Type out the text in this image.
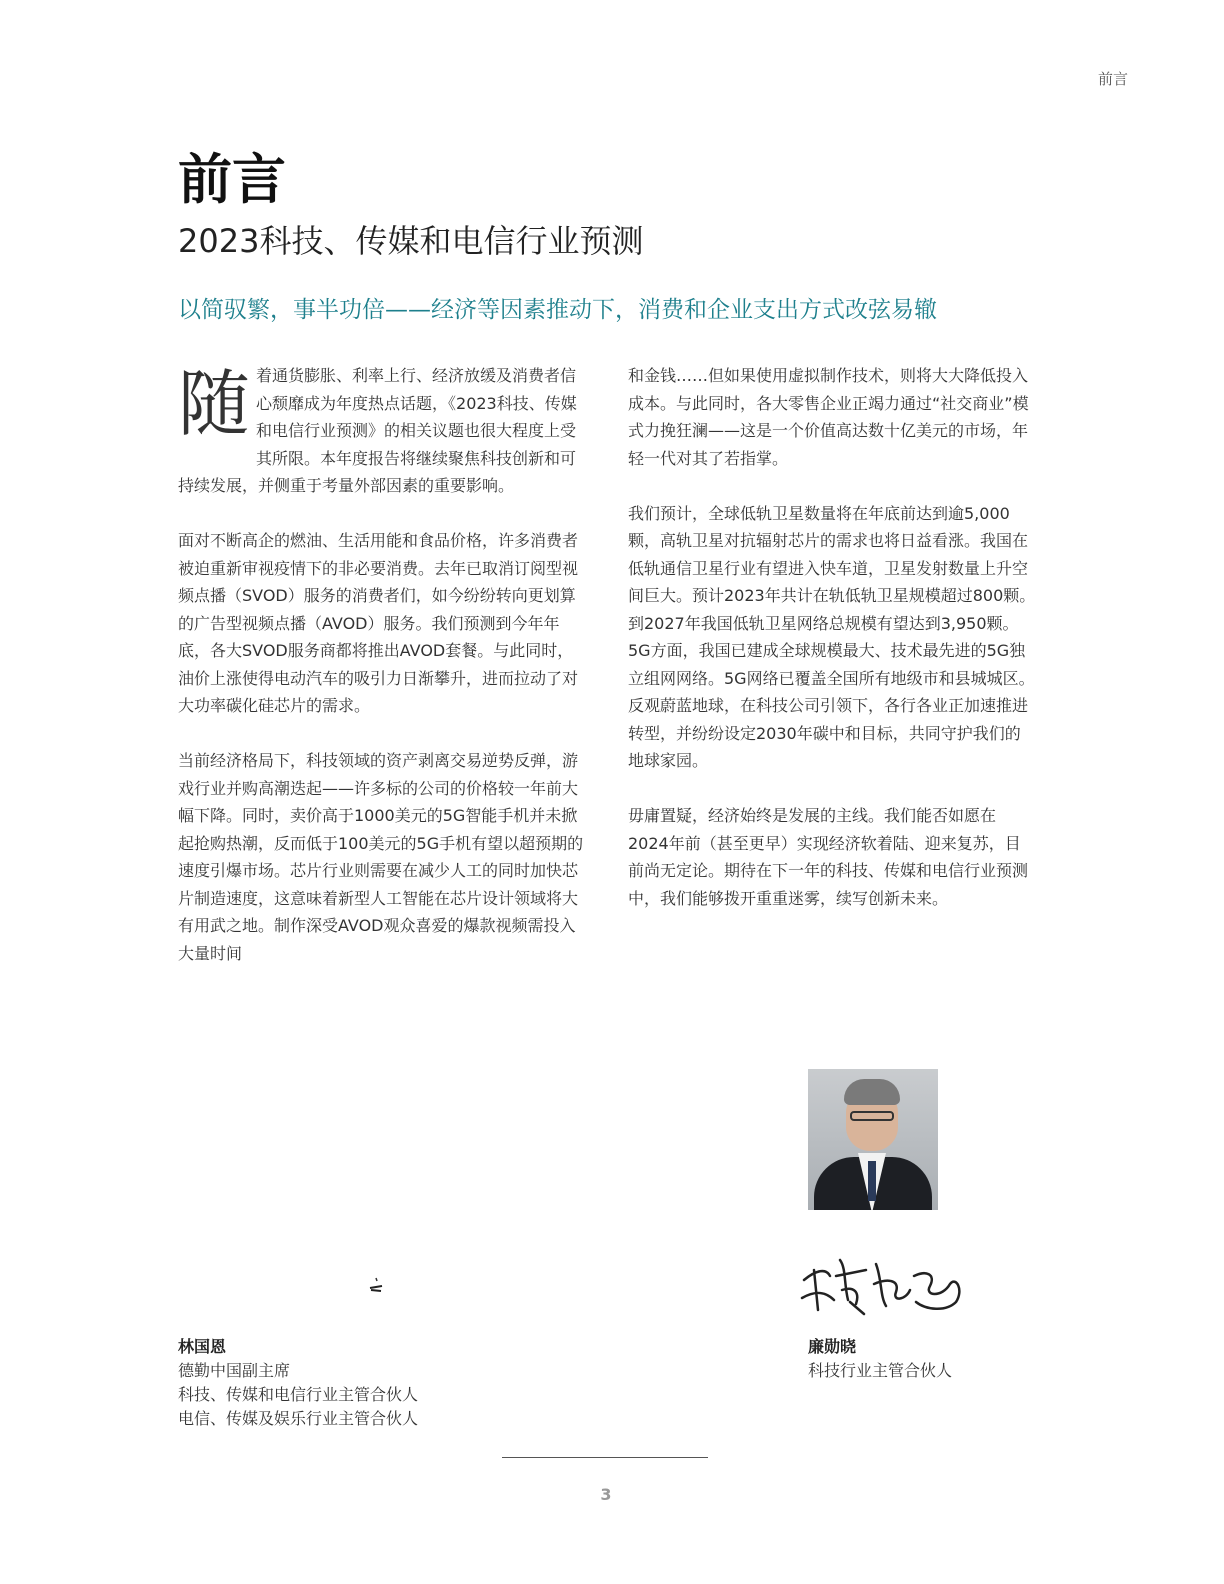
前言
前言
2023科技、传媒和电信行业预测
以简驭繁，事半功倍——经济等因素推动下，消费和企业支出方式改弦易辙

随 着通货膨胀、利率上行、经济放缓及消费者信心颓靡成为年度热点话题，《2023科技、传媒和电信行业预测》的相关议题也很大程度上受其所限。本年度报告将继续聚焦科技创新和可持续发展，并侧重于考量外部因素的重要影响。

面对不断高企的燃油、生活用能和食品价格，许多消费者被迫重新审视疫情下的非必要消费。去年已取消订阅型视频点播（SVOD）服务的消费者们，如今纷纷转向更划算的广告型视频点播（AVOD）服务。我们预测到今年年底，各大SVOD服务商都将推出AVOD套餐。与此同时，油价上涨使得电动汽车的吸引力日渐攀升，进而拉动了对大功率碳化硅芯片的需求。

当前经济格局下，科技领域的资产剥离交易逆势反弹，游戏行业并购高潮迭起——许多标的公司的价格较一年前大幅下降。同时，卖价高于1000美元的5G智能手机并未掀起抢购热潮，反而低于100美元的5G手机有望以超预期的速度引爆市场。芯片行业则需要在减少人工的同时加快芯片制造速度，这意味着新型人工智能在芯片设计领域将大有用武之地。制作深受AVOD观众喜爱的爆款视频需投入大量时间

和金钱……但如果使用虚拟制作技术，则将大大降低投入成本。与此同时，各大零售企业正竭力通过“社交商业”模式力挽狂澜——这是一个价值高达数十亿美元的市场，年轻一代对其了若指掌。

我们预计，全球低轨卫星数量将在年底前达到逾5,000颗，高轨卫星对抗辐射芯片的需求也将日益看涨。我国在低轨通信卫星行业有望进入快车道，卫星发射数量上升空间巨大。预计2023年共计在轨低轨卫星规模超过800颗。到2027年我国低轨卫星网络总规模有望达到3,950颗。5G方面，我国已建成全球规模最大、技术最先进的5G独立组网网络。5G网络已覆盖全国所有地级市和县城城区。反观蔚蓝地球，在科技公司引领下，各行各业正加速推进转型，并纷纷设定2030年碳中和目标，共同守护我们的地球家园。

毋庸置疑，经济始终是发展的主线。我们能否如愿在2024年前（甚至更早）实现经济软着陆、迎来复苏，目前尚无定论。期待在下一年的科技、传媒和电信行业预测中，我们能够拨开重重迷雾，续写创新未来。

林国恩
德勤中国副主席
科技、传媒和电信行业主管合伙人
电信、传媒及娱乐行业主管合伙人
廉勋晓
科技行业主管合伙人
3
